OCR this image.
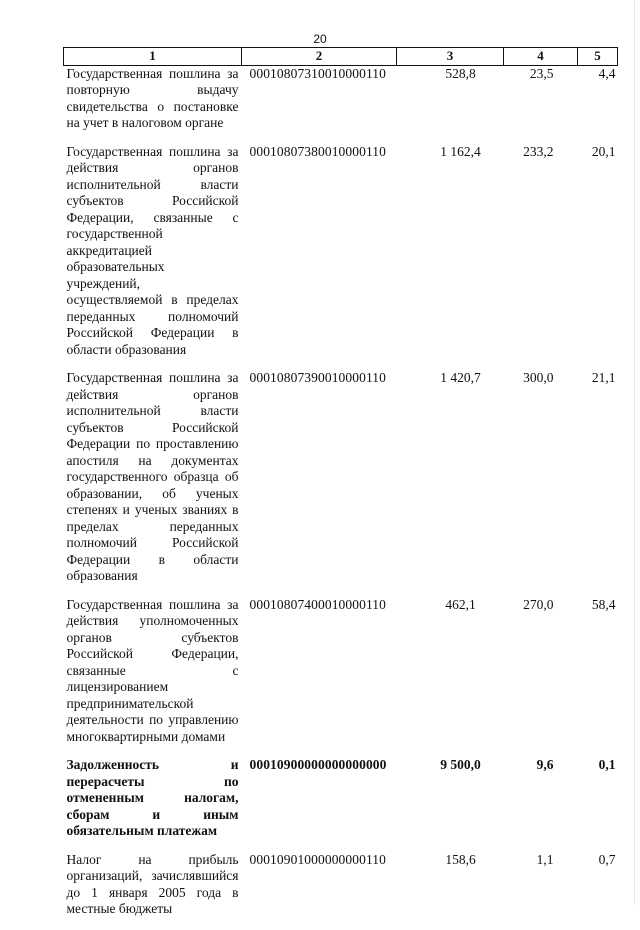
20
1	2	3	4	5
Государственная пошлина за повторную выдачу свидетельства о постановке на учет в налоговом органе	00010807310010000110	528,8	23,5	4,4
Государственная пошлина за действия органов исполнительной власти субъектов Российской Федерации, связанные с государственной аккредитацией образовательных учреждений, осуществляемой в пределах переданных полномочий Российской Федерации в области образования	00010807380010000110	1 162,4	233,2	20,1
Государственная пошлина за действия органов исполнительной власти субъектов Российской Федерации по проставлению апостиля на документах государственного образца об образовании, об ученых степенях и ученых званиях в пределах переданных полномочий Российской Федерации в области образования	00010807390010000110	1 420,7	300,0	21,1
Государственная пошлина за действия уполномоченных органов субъектов Российской Федерации, связанные с лицензированием предпринимательской деятельности по управлению многоквартирными домами	00010807400010000110	462,1	270,0	58,4
Задолженность и перерасчеты по отмененным налогам, сборам и иным обязательным платежам	00010900000000000000	9 500,0	9,6	0,1
Налог на прибыль организаций, зачислявшийся до 1 января 2005 года в местные бюджеты	00010901000000000110	158,6	1,1	0,7
